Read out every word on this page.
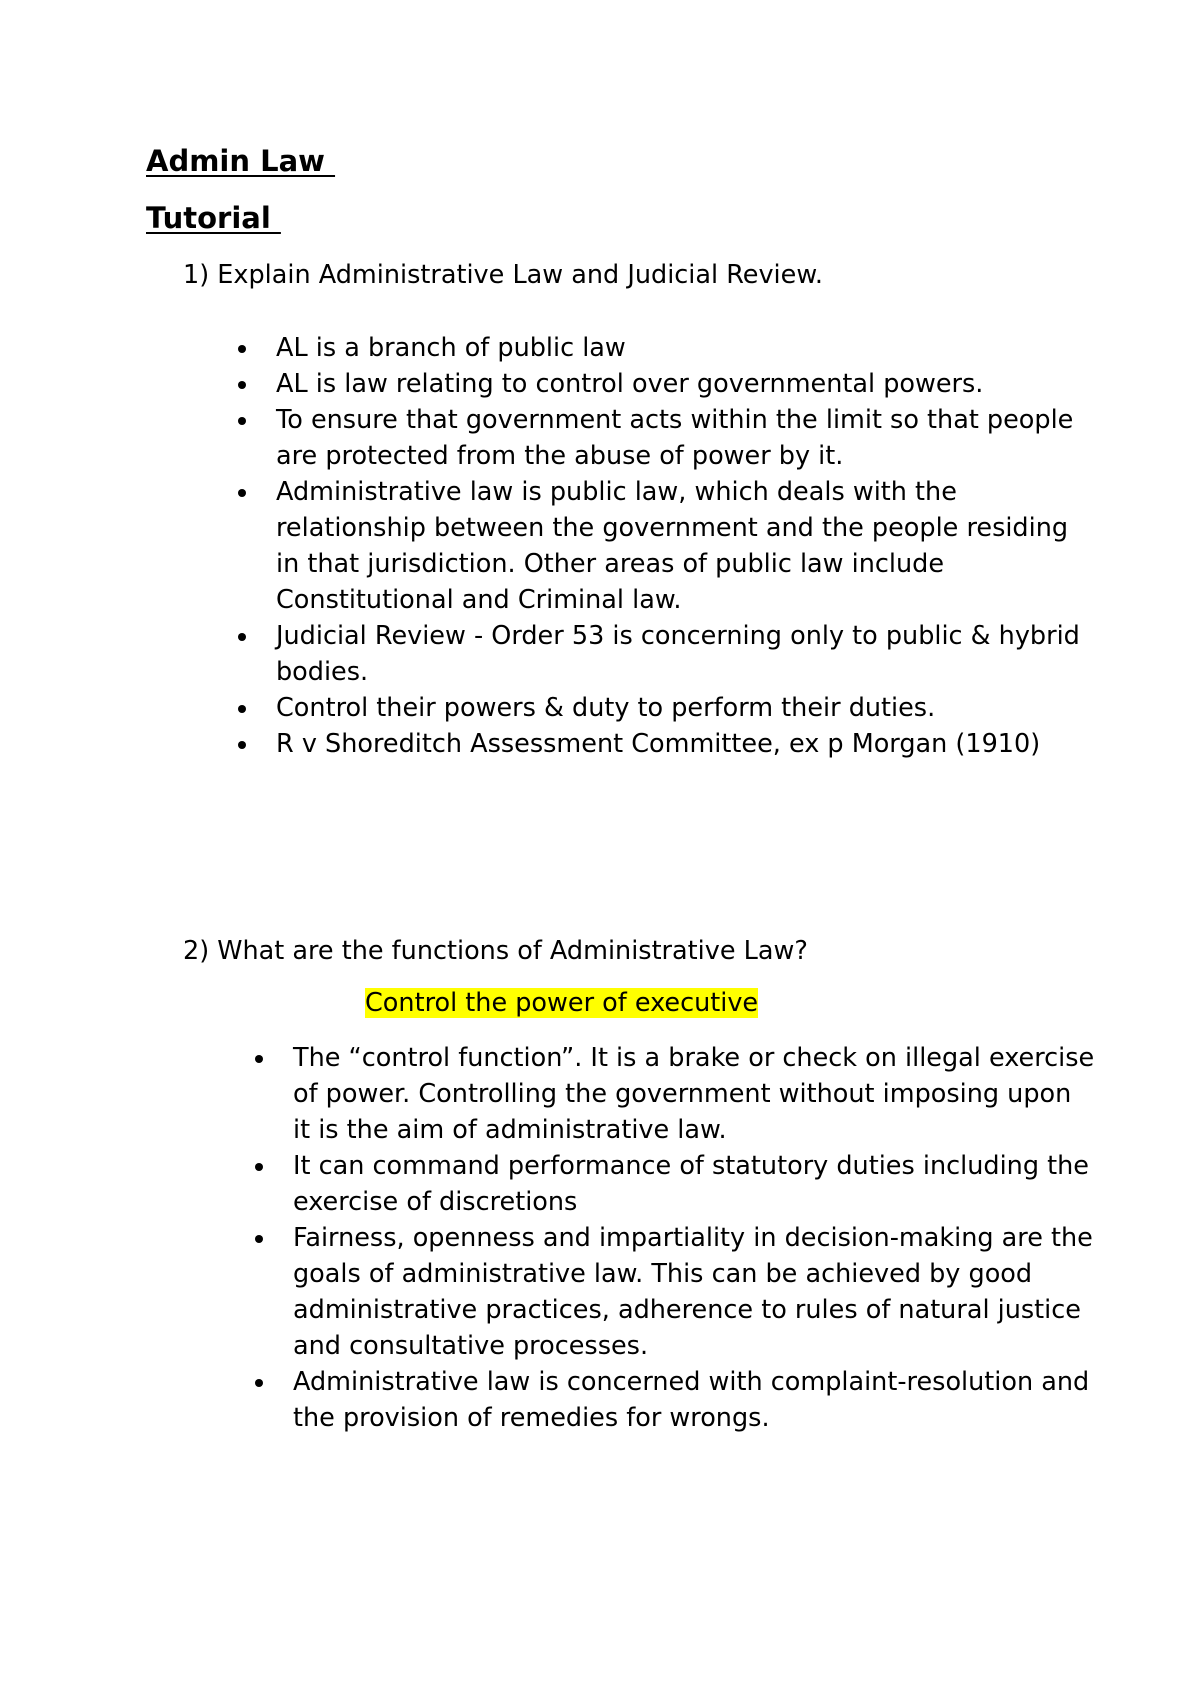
Admin Law
Tutorial

1) Explain Administrative Law and Judicial Review.

AL is a branch of public law
AL is law relating to control over governmental powers.
To ensure that government acts within the limit so that people are protected from the abuse of power by it.
Administrative law is public law, which deals with the relationship between the government and the people residing in that jurisdiction. Other areas of public law include Constitutional and Criminal law.
Judicial Review - Order 53 is concerning only to public & hybrid bodies.
Control their powers & duty to perform their duties.
R v Shoreditch Assessment Committee, ex p Morgan (1910)

2) What are the functions of Administrative Law?

Control the power of executive

The “control function”. It is a brake or check on illegal exercise of power. Controlling the government without imposing upon it is the aim of administrative law.
It can command performance of statutory duties including the exercise of discretions
Fairness, openness and impartiality in decision-making are the goals of administrative law. This can be achieved by good administrative practices, adherence to rules of natural justice and consultative processes.
Administrative law is concerned with complaint-resolution and the provision of remedies for wrongs.
